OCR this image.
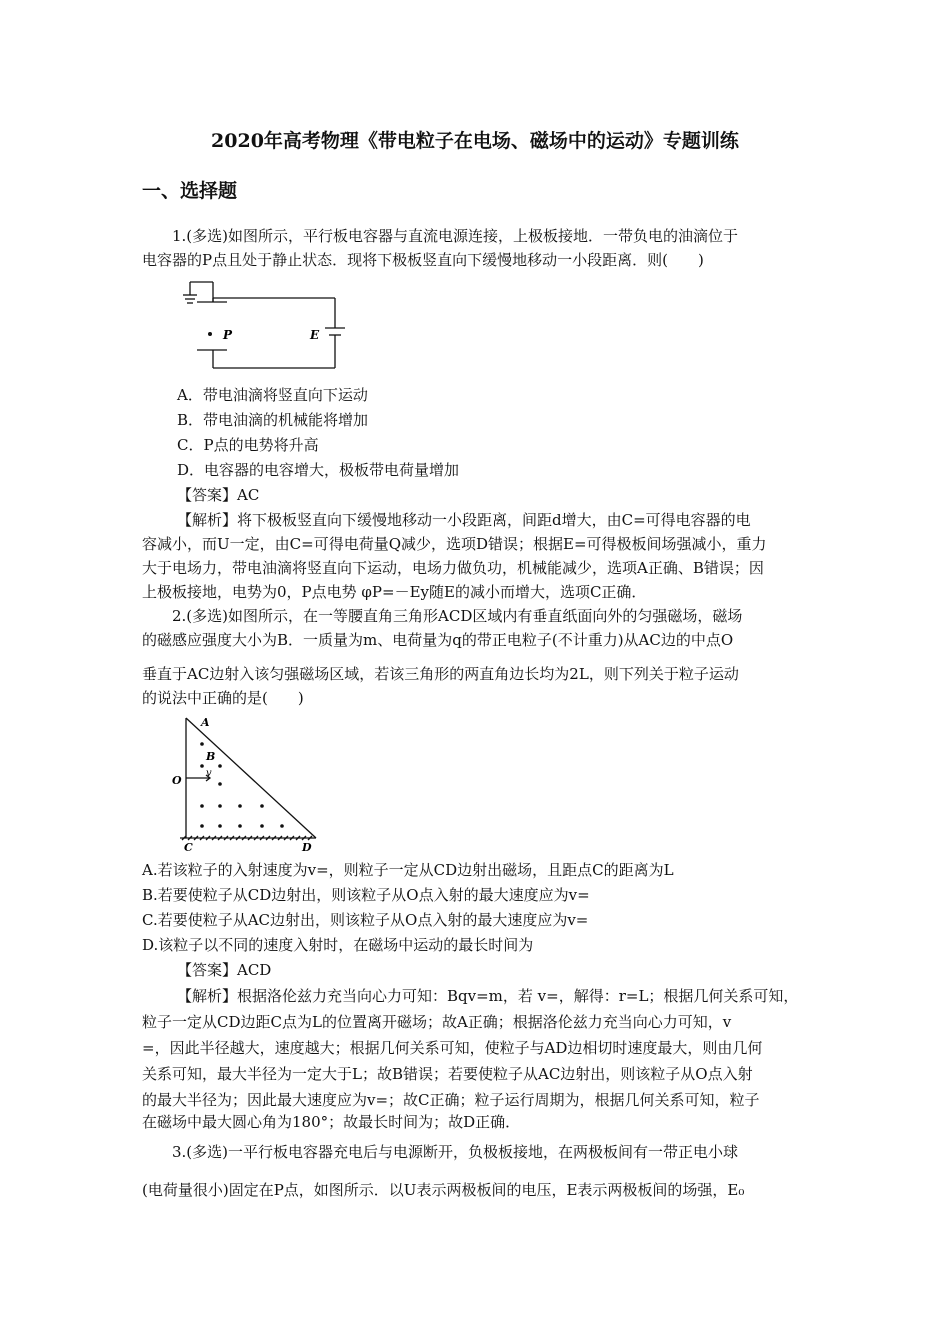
2020年高考物理《带电粒子在电场、磁场中的运动》专题训练
一、选择题
1.(多选)如图所示，平行板电容器与直流电源连接，上极板接地．一带负电的油滴位于
电容器的P点且处于静止状态．现将下极板竖直向下缓慢地移动一小段距离．则(　　)
P	E
A．带电油滴将竖直向下运动
B．带电油滴的机械能将增加
C．P点的电势将升高
D．电容器的电容增大，极板带电荷量增加
【答案】AC
【解析】将下极板竖直向下缓慢地移动一小段距离，间距d增大，由C=可得电容器的电
容减小，而U一定，由C=可得电荷量Q减少，选项D错误；根据E=可得极板间场强减小，重力
大于电场力，带电油滴将竖直向下运动，电场力做负功，机械能减少，选项A正确、B错误；因
上极板接地，电势为0，P点电势 φP=－Ey随E的减小而增大，选项C正确．
2.(多选)如图所示，在一等腰直角三角形ACD区域内有垂直纸面向外的匀强磁场，磁场
的磁感应强度大小为B．一质量为m、电荷量为q的带正电粒子(不计重力)从AC边的中点O
垂直于AC边射入该匀强磁场区域，若该三角形的两直角边长均为2L，则下列关于粒子运动
的说法中正确的是(　　)
A
B
O
v
C	D
A.若该粒子的入射速度为v=，则粒子一定从CD边射出磁场，且距点C的距离为L
B.若要使粒子从CD边射出，则该粒子从O点入射的最大速度应为v=
C.若要使粒子从AC边射出，则该粒子从O点入射的最大速度应为v=
D.该粒子以不同的速度入射时，在磁场中运动的最长时间为
【答案】ACD
【解析】根据洛伦兹力充当向心力可知：Bqv=m，若 v=，解得：r=L；根据几何关系可知，
粒子一定从CD边距C点为L的位置离开磁场；故A正确；根据洛伦兹力充当向心力可知，v
=，因此半径越大，速度越大；根据几何关系可知，使粒子与AD边相切时速度最大，则由几何
关系可知，最大半径为一定大于L；故B错误；若要使粒子从AC边射出，则该粒子从O点入射
的最大半径为；因此最大速度应为v=；故C正确；粒子运行周期为，根据几何关系可知，粒子
在磁场中最大圆心角为180°；故最长时间为；故D正确．
3.(多选)一平行板电容器充电后与电源断开，负极板接地，在两极板间有一带正电小球
(电荷量很小)固定在P点，如图所示．以U表示两极板间的电压，E表示两极板间的场强，E₀
